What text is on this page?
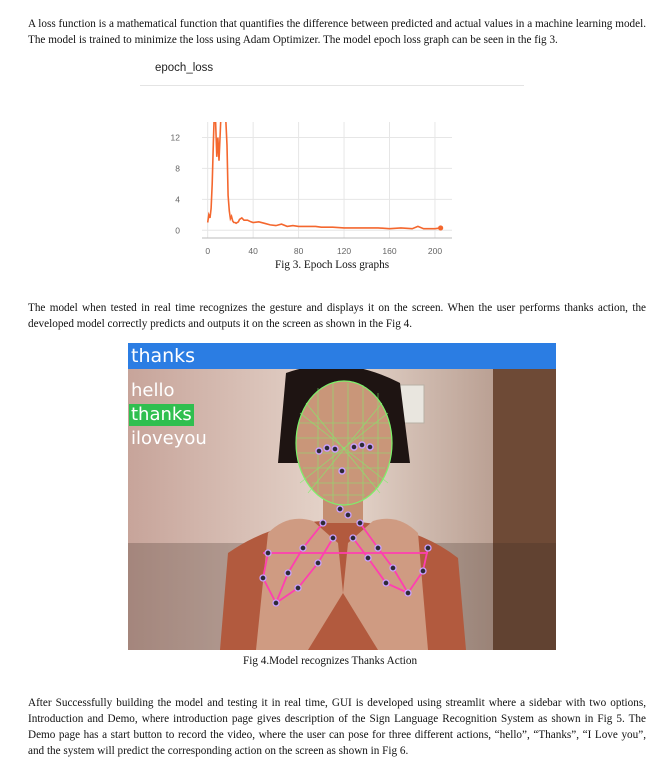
A loss function is a mathematical function that quantifies the difference between predicted and actual values in a machine learning model. The model is trained to minimize the loss using Adam Optimizer. The model epoch loss graph can be seen in the fig 3.

epoch_loss
0
4
8
12
0	40	80	120	160	200
Fig 3. Epoch Loss graphs

The model when tested in real time recognizes the gesture and displays it on the screen. When the user performs thanks action, the developed model correctly predicts and outputs it on the screen as shown in the Fig 4.

thanks
hello
thanks
iloveyou
Fig 4.Model recognizes Thanks Action

After Successfully building the model and testing it in real time, GUI is developed using streamlit where a sidebar with two options, Introduction and Demo, where introduction page gives description of the Sign Language Recognition System as shown in Fig 5. The Demo page has a start button to record the video, where the user can pose for three different actions, “hello”, “Thanks”, “I Love you”, and the system will predict the corresponding action on the screen as shown in Fig 6.
